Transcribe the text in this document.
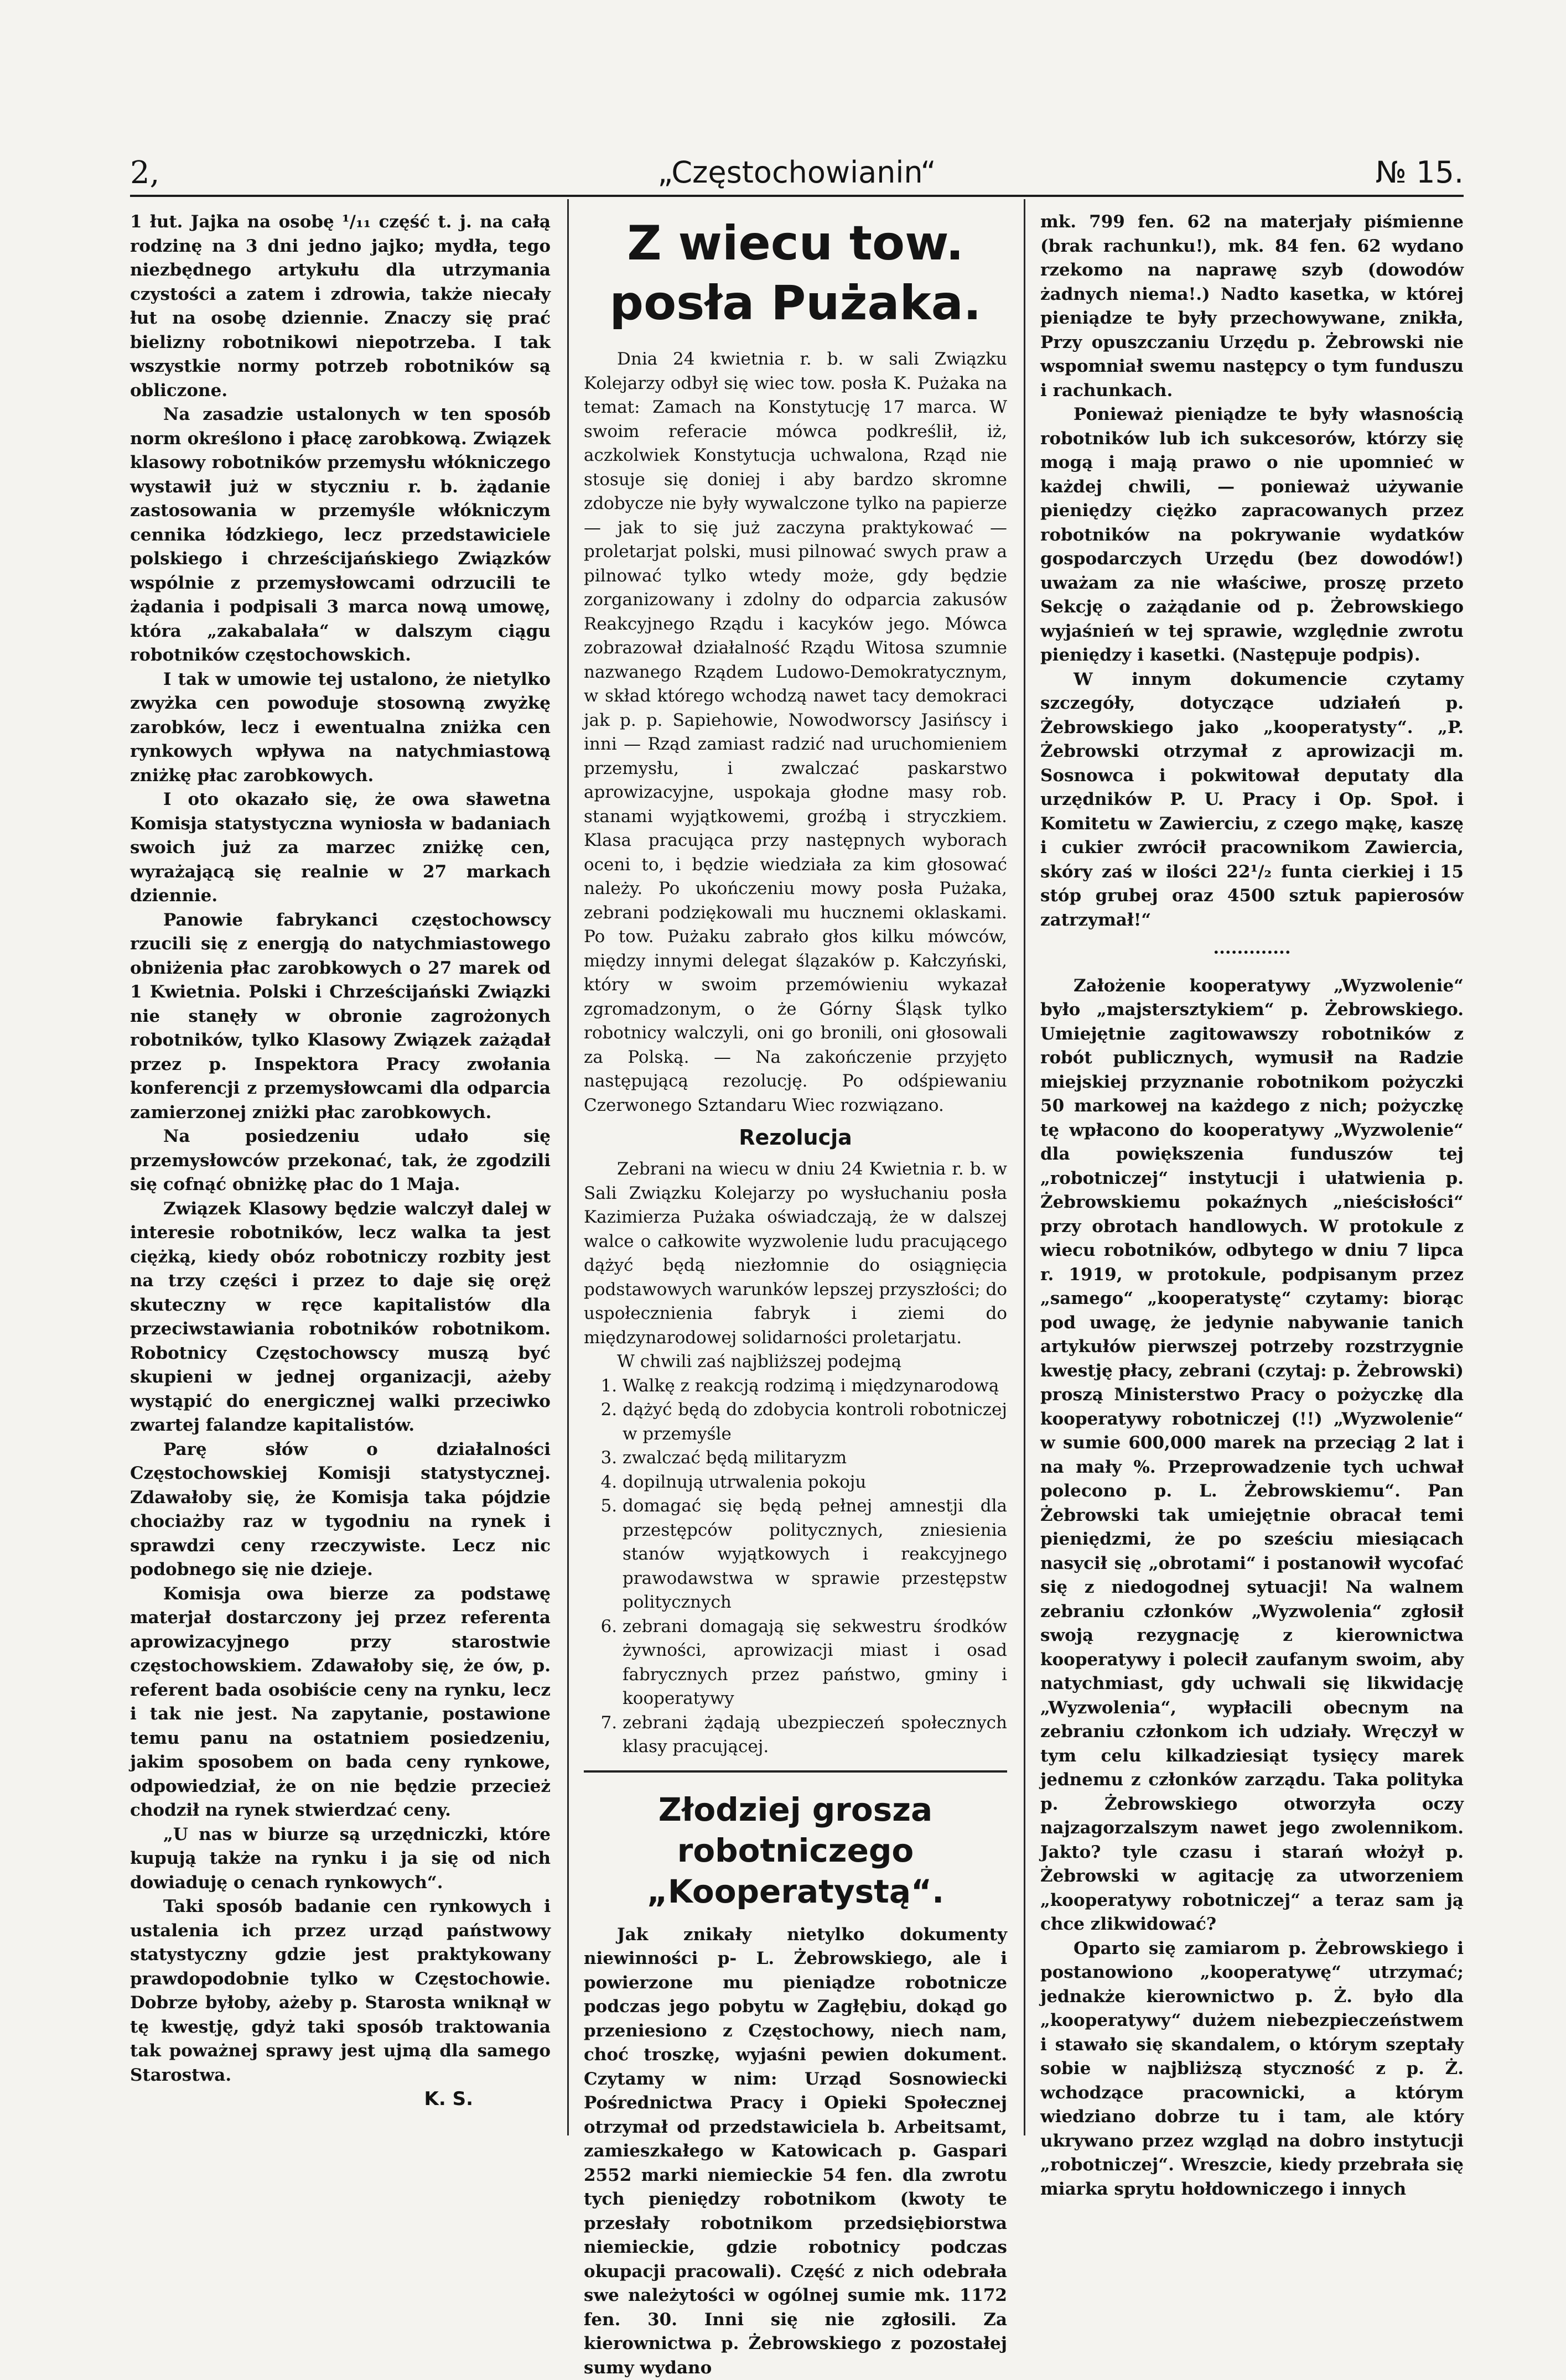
2,	„Częstochowianin“	№ 15.

1 łut. Jajka na osobę ¹/₁₁ część t. j. na całą rodzinę na 3 dni jedno jajko; mydła, tego niezbędnego artykułu dla utrzymania czystości a zatem i zdrowia, także niecały łut na osobę dziennie. Znaczy się prać bielizny robotnikowi niepotrzeba. I tak wszystkie normy potrzeb robotników są obliczone.

Na zasadzie ustalonych w ten sposób norm określono i płacę zarobkową. Związek klasowy robotników przemysłu włókniczego wystawił już w styczniu r. b. żądanie zastosowania w przemyśle włókniczym cennika łódzkiego, lecz przedstawiciele polskiego i chrześcijańskiego Związków wspólnie z przemysłowcami odrzucili te żądania i podpisali 3 marca nową umowę, która „zakabalała“ w dalszym ciągu robotników częstochowskich.

I tak w umowie tej ustalono, że nietylko zwyżka cen powoduje stosowną zwyżkę zarobków, lecz i ewentualna zniżka cen rynkowych wpływa na natychmiastową zniżkę płac zarobkowych.

I oto okazało się, że owa sławetna Komisja statystyczna wyniosła w badaniach swoich już za marzec zniżkę cen, wyrażającą się realnie w 27 markach dziennie.

Panowie fabrykanci częstochowscy rzucili się z energją do natychmiastowego obniżenia płac zarobkowych o 27 marek od 1 Kwietnia. Polski i Chrześcijański Związki nie stanęły w obronie zagrożonych robotników, tylko Klasowy Związek zażądał przez p. Inspektora Pracy zwołania konferencji z przemysłowcami dla odparcia zamierzonej zniżki płac zarobkowych.

Na posiedzeniu udało się przemysłowców przekonać, tak, że zgodzili się cofnąć obniżkę płac do 1 Maja.

Związek Klasowy będzie walczył dalej w interesie robotników, lecz walka ta jest ciężką, kiedy obóz robotniczy rozbity jest na trzy części i przez to daje się oręż skuteczny w ręce kapitalistów dla przeciwstawiania robotników robotnikom. Robotnicy Częstochowscy muszą być skupieni w jednej organizacji, ażeby wystąpić do energicznej walki przeciwko zwartej falandze kapitalistów.

Parę słów o działalności Częstochowskiej Komisji statystycznej. Zdawałoby się, że Komisja taka pójdzie chociażby raz w tygodniu na rynek i sprawdzi ceny rzeczywiste. Lecz nic podobnego się nie dzieje.

Komisja owa bierze za podstawę materjał dostarczony jej przez referenta aprowizacyjnego przy starostwie częstochowskiem. Zdawałoby się, że ów, p. referent bada osobiście ceny na rynku, lecz i tak nie jest. Na zapytanie, postawione temu panu na ostatniem posiedzeniu, jakim sposobem on bada ceny rynkowe, odpowiedział, że on nie będzie przecież chodził na rynek stwierdzać ceny.

„U nas w biurze są urzędniczki, które kupują także na rynku i ja się od nich dowiaduję o cenach rynkowych“.

Taki sposób badanie cen rynkowych i ustalenia ich przez urząd państwowy statystyczny gdzie jest praktykowany prawdopodobnie tylko w Częstochowie. Dobrze byłoby, ażeby p. Starosta wniknął w tę kwestję, gdyż taki sposób traktowania tak poważnej sprawy jest ujmą dla samego Starostwa.

K. S.
Z wiecu tow. posła Pużaka.

Dnia 24 kwietnia r. b. w sali Związku Kolejarzy odbył się wiec tow. posła K. Pużaka na temat: Zamach na Konstytucję 17 marca. W swoim referacie mówca podkreślił, iż, aczkolwiek Konstytucja uchwalona, Rząd nie stosuje się doniej i aby bardzo skromne zdobycze nie były wywalczone tylko na papierze — jak to się już zaczyna praktykować — proletarjat polski, musi pilnować swych praw a pilnować tylko wtedy może, gdy będzie zorganizowany i zdolny do odparcia zakusów Reakcyjnego Rządu i kacyków jego. Mówca zobrazował działalność Rządu Witosa szumnie nazwanego Rządem Ludowo-Demokratycznym, w skład którego wchodzą nawet tacy demokraci jak p. p. Sapiehowie, Nowodworscy Jasińscy i inni — Rząd zamiast radzić nad uruchomieniem przemysłu, i zwalczać paskarstwo aprowizacyjne, uspokaja głodne masy rob. stanami wyjątkowemi, groźbą i stryczkiem. Klasa pracująca przy następnych wyborach oceni to, i będzie wiedziała za kim głosować należy. Po ukończeniu mowy posła Pużaka, zebrani podziękowali mu hucznemi oklaskami. Po tow. Pużaku zabrało głos kilku mówców, między innymi delegat ślązaków p. Kałczyński, który w swoim przemówieniu wykazał zgromadzonym, o że Górny Śląsk tylko robotnicy walczyli, oni go bronili, oni głosowali za Polską. — Na zakończenie przyjęto następującą rezolucję. Po odśpiewaniu Czerwonego Sztandaru Wiec rozwiązano.

Rezolucja

Zebrani na wiecu w dniu 24 Kwietnia r. b. w Sali Związku Kolejarzy po wysłuchaniu posła Kazimierza Pużaka oświadczają, że w dalszej walce o całkowite wyzwolenie ludu pracującego dążyć będą niezłomnie do osiągnięcia podstawowych warunków lepszej przyszłości; do uspołecznienia fabryk i ziemi do międzynarodowej solidarności proletarjatu.

W chwili zaś najbliższej podejmą

1. Walkę z reakcją rodzimą i międzynarodową
2. dążyć będą do zdobycia kontroli robotniczej w przemyśle
3. zwalczać będą militaryzm
4. dopilnują utrwalenia pokoju
5. domagać się będą pełnej amnestji dla przestępców politycznych, zniesienia stanów wyjątkowych i reakcyjnego prawodawstwa w sprawie przestępstw politycznych
6. zebrani domagają się sekwestru środków żywności, aprowizacji miast i osad fabrycznych przez państwo, gminy i kooperatywy
7. zebrani żądają ubezpieczeń społecznych klasy pracującej.
Złodziej grosza robotniczego „Kooperatystą“.

Jak znikały nietylko dokumenty niewinności p- L. Żebrowskiego, ale i powierzone mu pieniądze robotnicze podczas jego pobytu w Zagłębiu, dokąd go przeniesiono z Częstochowy, niech nam, choć troszkę, wyjaśni pewien dokument. Czytamy w nim: Urząd Sosnowiecki Pośrednictwa Pracy i Opieki Społecznej otrzymał od przedstawiciela b. Arbeitsamt, zamieszkałego w Katowicach p. Gaspari 2552 marki niemieckie 54 fen. dla zwrotu tych pieniędzy robotnikom (kwoty te przesłały robotnikom przedsiębiorstwa niemieckie, gdzie robotnicy podczas okupacji pracowali). Część z nich odebrała swe należytości w ogólnej sumie mk. 1172 fen. 30. Inni się nie zgłosili. Za kierownictwa p. Żebrowskiego z pozostałej sumy wydano

mk. 799 fen. 62 na materjały piśmienne (brak rachunku!), mk. 84 fen. 62 wydano rzekomo na naprawę szyb (dowodów żadnych niema!.) Nadto kasetka, w której pieniądze te były przechowywane, znikła, Przy opuszczaniu Urzędu p. Żebrowski nie wspomniał swemu następcy o tym funduszu i rachunkach.

Ponieważ pieniądze te były własnością robotników lub ich sukcesorów, którzy się mogą i mają prawo o nie upomnieć w każdej chwili, — ponieważ używanie pieniędzy ciężko zapracowanych przez robotników na pokrywanie wydatków gospodarczych Urzędu (bez dowodów!) uważam za nie właściwe, proszę przeto Sekcję o zażądanie od p. Żebrowskiego wyjaśnień w tej sprawie, względnie zwrotu pieniędzy i kasetki. (Następuje podpis).

W innym dokumencie czytamy szczegóły, dotyczące udziałeń p. Żebrowskiego jako „kooperatysty“. „P. Żebrowski otrzymał z aprowizacji m. Sosnowca i pokwitował deputaty dla urzędników P. U. Pracy i Op. Społ. i Komitetu w Zawierciu, z czego mąkę, kaszę i cukier zwrócił pracownikom Zawiercia, skóry zaś w ilości 22¹/₂ funta cierkiej i 15 stóp grubej oraz 4500 sztuk papierosów zatrzymał!“

·············

Założenie kooperatywy „Wyzwolenie“ było „majstersztykiem“ p. Żebrowskiego. Umiejętnie zagitowawszy robotników z robót publicznych, wymusił na Radzie miejskiej przyznanie robotnikom pożyczki 50 markowej na każdego z nich; pożyczkę tę wpłacono do kooperatywy „Wyzwolenie“ dla powiększenia funduszów tej „robotniczej“ instytucji i ułatwienia p. Żebrowskiemu pokaźnych „nieścisłości“ przy obrotach handlowych. W protokule z wiecu robotników, odbytego w dniu 7 lipca r. 1919, w protokule, podpisanym przez „samego“ „kooperatystę“ czytamy: biorąc pod uwagę, że jedynie nabywanie tanich artykułów pierwszej potrzeby rozstrzygnie kwestję płacy, zebrani (czytaj: p. Żebrowski) proszą Ministerstwo Pracy o pożyczkę dla kooperatywy robotniczej (!!) „Wyzwolenie“ w sumie 600,000 marek na przeciąg 2 lat i na mały %. Przeprowadzenie tych uchwał polecono p. L. Żebrowskiemu“. Pan Żebrowski tak umiejętnie obracał temi pieniędzmi, że po sześciu miesiącach nasycił się „obrotami“ i postanowił wycofać się z niedogodnej sytuacji! Na walnem zebraniu członków „Wyzwolenia“ zgłosił swoją rezygnację z kierownictwa kooperatywy i polecił zaufanym swoim, aby natychmiast, gdy uchwali się likwidację „Wyzwolenia“, wypłacili obecnym na zebraniu członkom ich udziały. Wręczył w tym celu kilkadziesiąt tysięcy marek jednemu z członków zarządu. Taka polityka p. Żebrowskiego otworzyła oczy najzagorzalszym nawet jego zwolennikom. Jakto? tyle czasu i starań włożył p. Żebrowski w agitację za utworzeniem „kooperatywy robotniczej“ a teraz sam ją chce zlikwidować?

Oparto się zamiarom p. Żebrowskiego i postanowiono „kooperatywę“ utrzymać; jednakże kierownictwo p. Ż. było dla „kooperatywy“ dużem niebezpieczeństwem i stawało się skandalem, o którym szeptały sobie w najbliższą styczność z p. Ż. wchodzące pracownicki, a którym wiedziano dobrze tu i tam, ale który ukrywano przez wzgląd na dobro instytucji „robotniczej“. Wreszcie, kiedy przebrała się miarka sprytu hołdowniczego i innych
